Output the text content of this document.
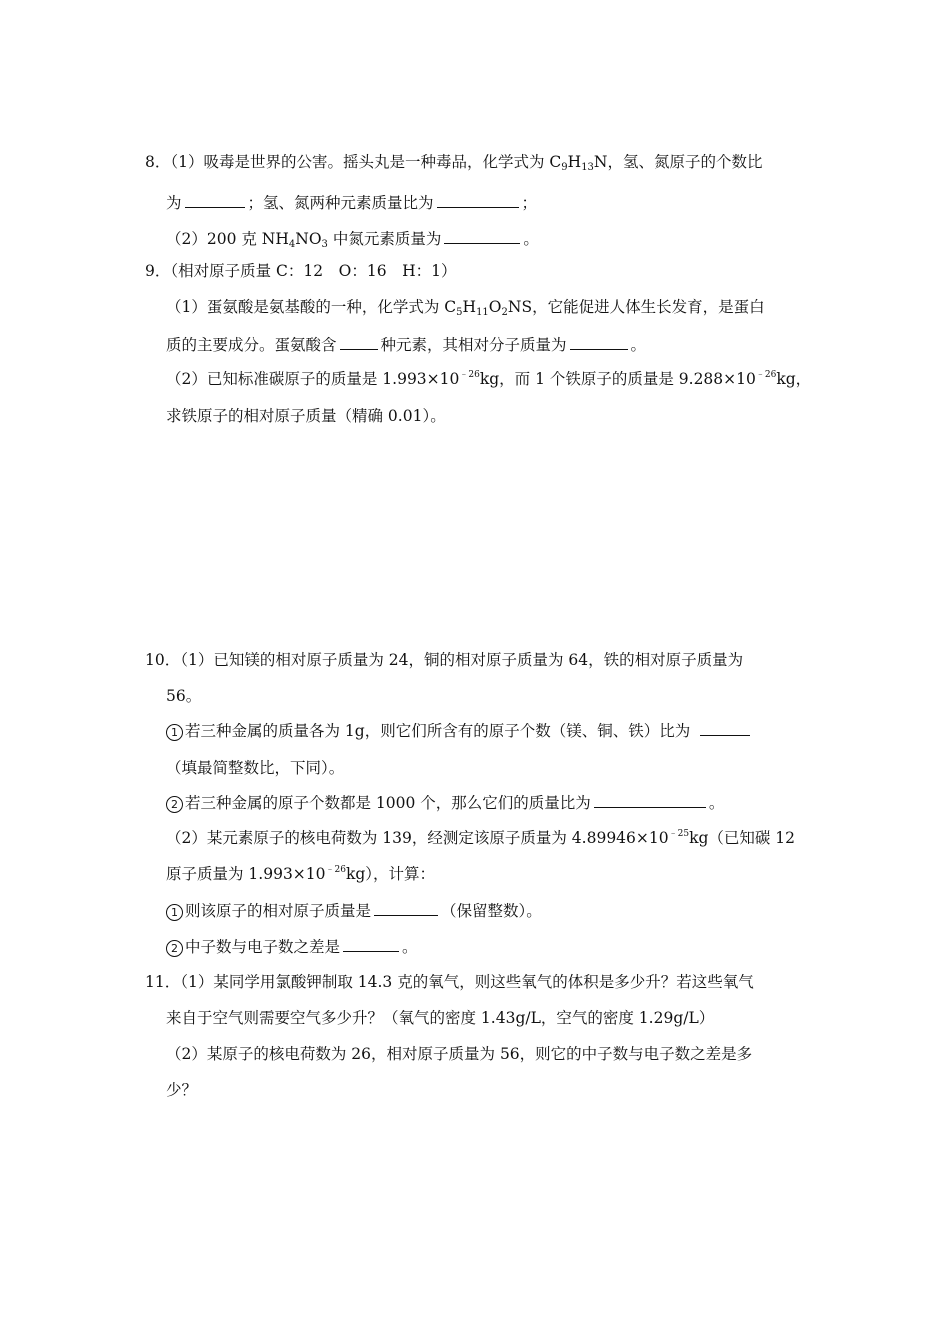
8．（1）吸毒是世界的公害。摇头丸是一种毒品，化学式为 $C_9H_{13}N$，氢、氮原子的个数比
为	；氢、氮两种元素质量比为	；
（2）200 克 $NH_4NO_3$ 中氮元素质量为	。
9．（相对原子质量 C：12　O：16　H：1）
（1）蛋氨酸是氨基酸的一种，化学式为 $C_5H_{11}O_2NS$，它能促进人体生长发育，是蛋白
质的主要成分。蛋氨酸含	种元素，其相对分子质量为	。
（2）已知标准碳原子的质量是 $1.993\times 10^{﹣26}kg$，而 1 个铁原子的质量是 $9.288\times 10^{﹣26}kg$，
求铁原子的相对原子质量（精确 0.01）。
10．（1）已知镁的相对原子质量为 24，铜的相对原子质量为 64，铁的相对原子质量为
56。
1 若三种金属的质量各为 1g，则它们所含有的原子个数（镁、铜、铁）比为
（填最简整数比，下同）。
2 若三种金属的原子个数都是 1000 个，那么它们的质量比为	。
（2）某元素原子的核电荷数为 139，经测定该原子质量为 $4.89946\times 10^{﹣25}kg$（已知碳 12
原子质量为 $1.993\times 10^{﹣26}kg$），计算：
1 则该原子的相对原子质量是	（保留整数）。
2 中子数与电子数之差是	。
11．（1）某同学用氯酸钾制取 14.3 克的氧气，则这些氧气的体积是多少升？若这些氧气
来自于空气则需要空气多少升？（氧气的密度 1.43g/L，空气的密度 1.29g/L）
（2）某原子的核电荷数为 26，相对原子质量为 56，则它的中子数与电子数之差是多
少？
